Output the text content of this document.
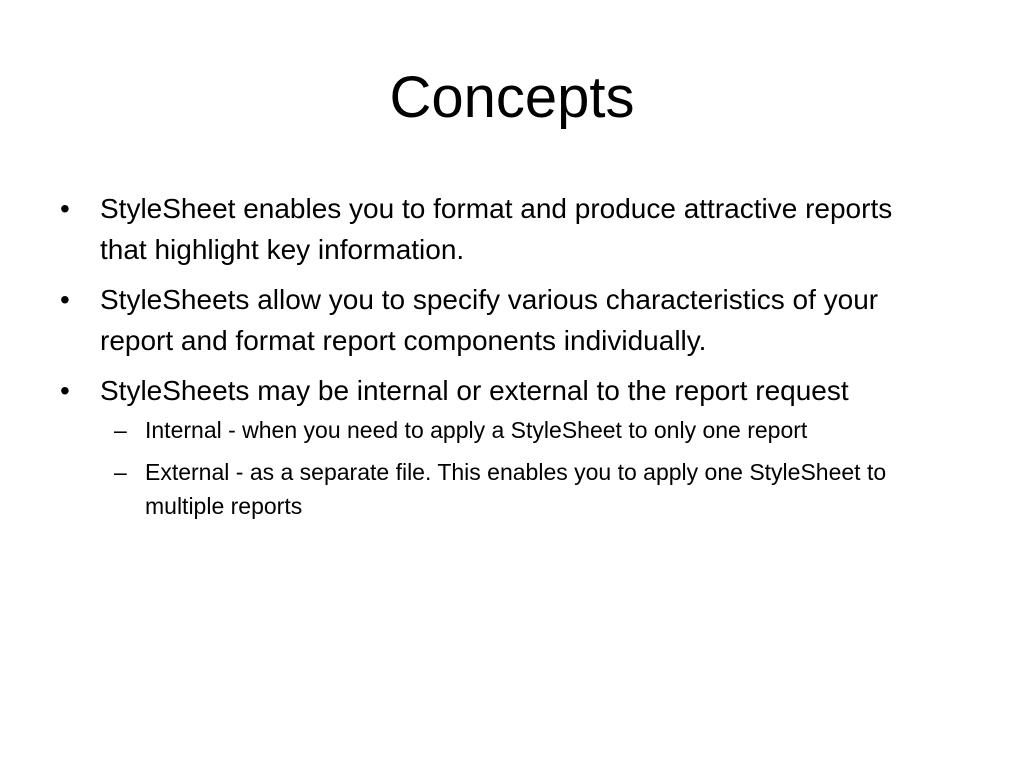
Concepts
• StyleSheet enables you to format and produce attractive reports that highlight key information.
• StyleSheets allow you to specify various characteristics of your report and format report components individually.
• StyleSheets may be internal or external to the report request
– Internal - when you need to apply a StyleSheet to only one report
– External - as a separate file. This enables you to apply one StyleSheet to multiple reports
